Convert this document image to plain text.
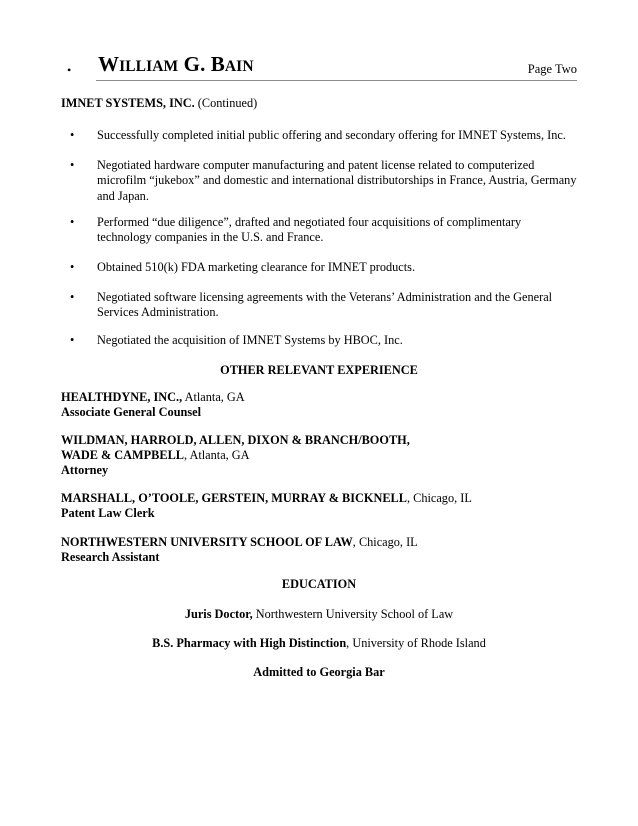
• WILLIAM G. BAIN	Page Two
IMNET SYSTEMS, INC. (Continued)
• Successfully completed initial public offering and secondary offering for IMNET Systems, Inc.
• Negotiated hardware computer manufacturing and patent license related to computerized microfilm “jukebox” and domestic and international distributorships in France, Austria, Germany and Japan.
• Performed “due diligence”, drafted and negotiated four acquisitions of complimentary technology companies in the U.S. and France.
• Obtained 510(k) FDA marketing clearance for IMNET products.
• Negotiated software licensing agreements with the Veterans’ Administration and the General Services Administration.
• Negotiated the acquisition of IMNET Systems by HBOC, Inc.
OTHER RELEVANT EXPERIENCE
HEALTHDYNE, INC., Atlanta, GA
Associate General Counsel
WILDMAN, HARROLD, ALLEN, DIXON & BRANCH/BOOTH,
WADE & CAMPBELL, Atlanta, GA
Attorney
MARSHALL, O’TOOLE, GERSTEIN, MURRAY & BICKNELL, Chicago, IL
Patent Law Clerk
NORTHWESTERN UNIVERSITY SCHOOL OF LAW, Chicago, IL
Research Assistant
EDUCATION
Juris Doctor, Northwestern University School of Law
B.S. Pharmacy with High Distinction, University of Rhode Island
Admitted to Georgia Bar
